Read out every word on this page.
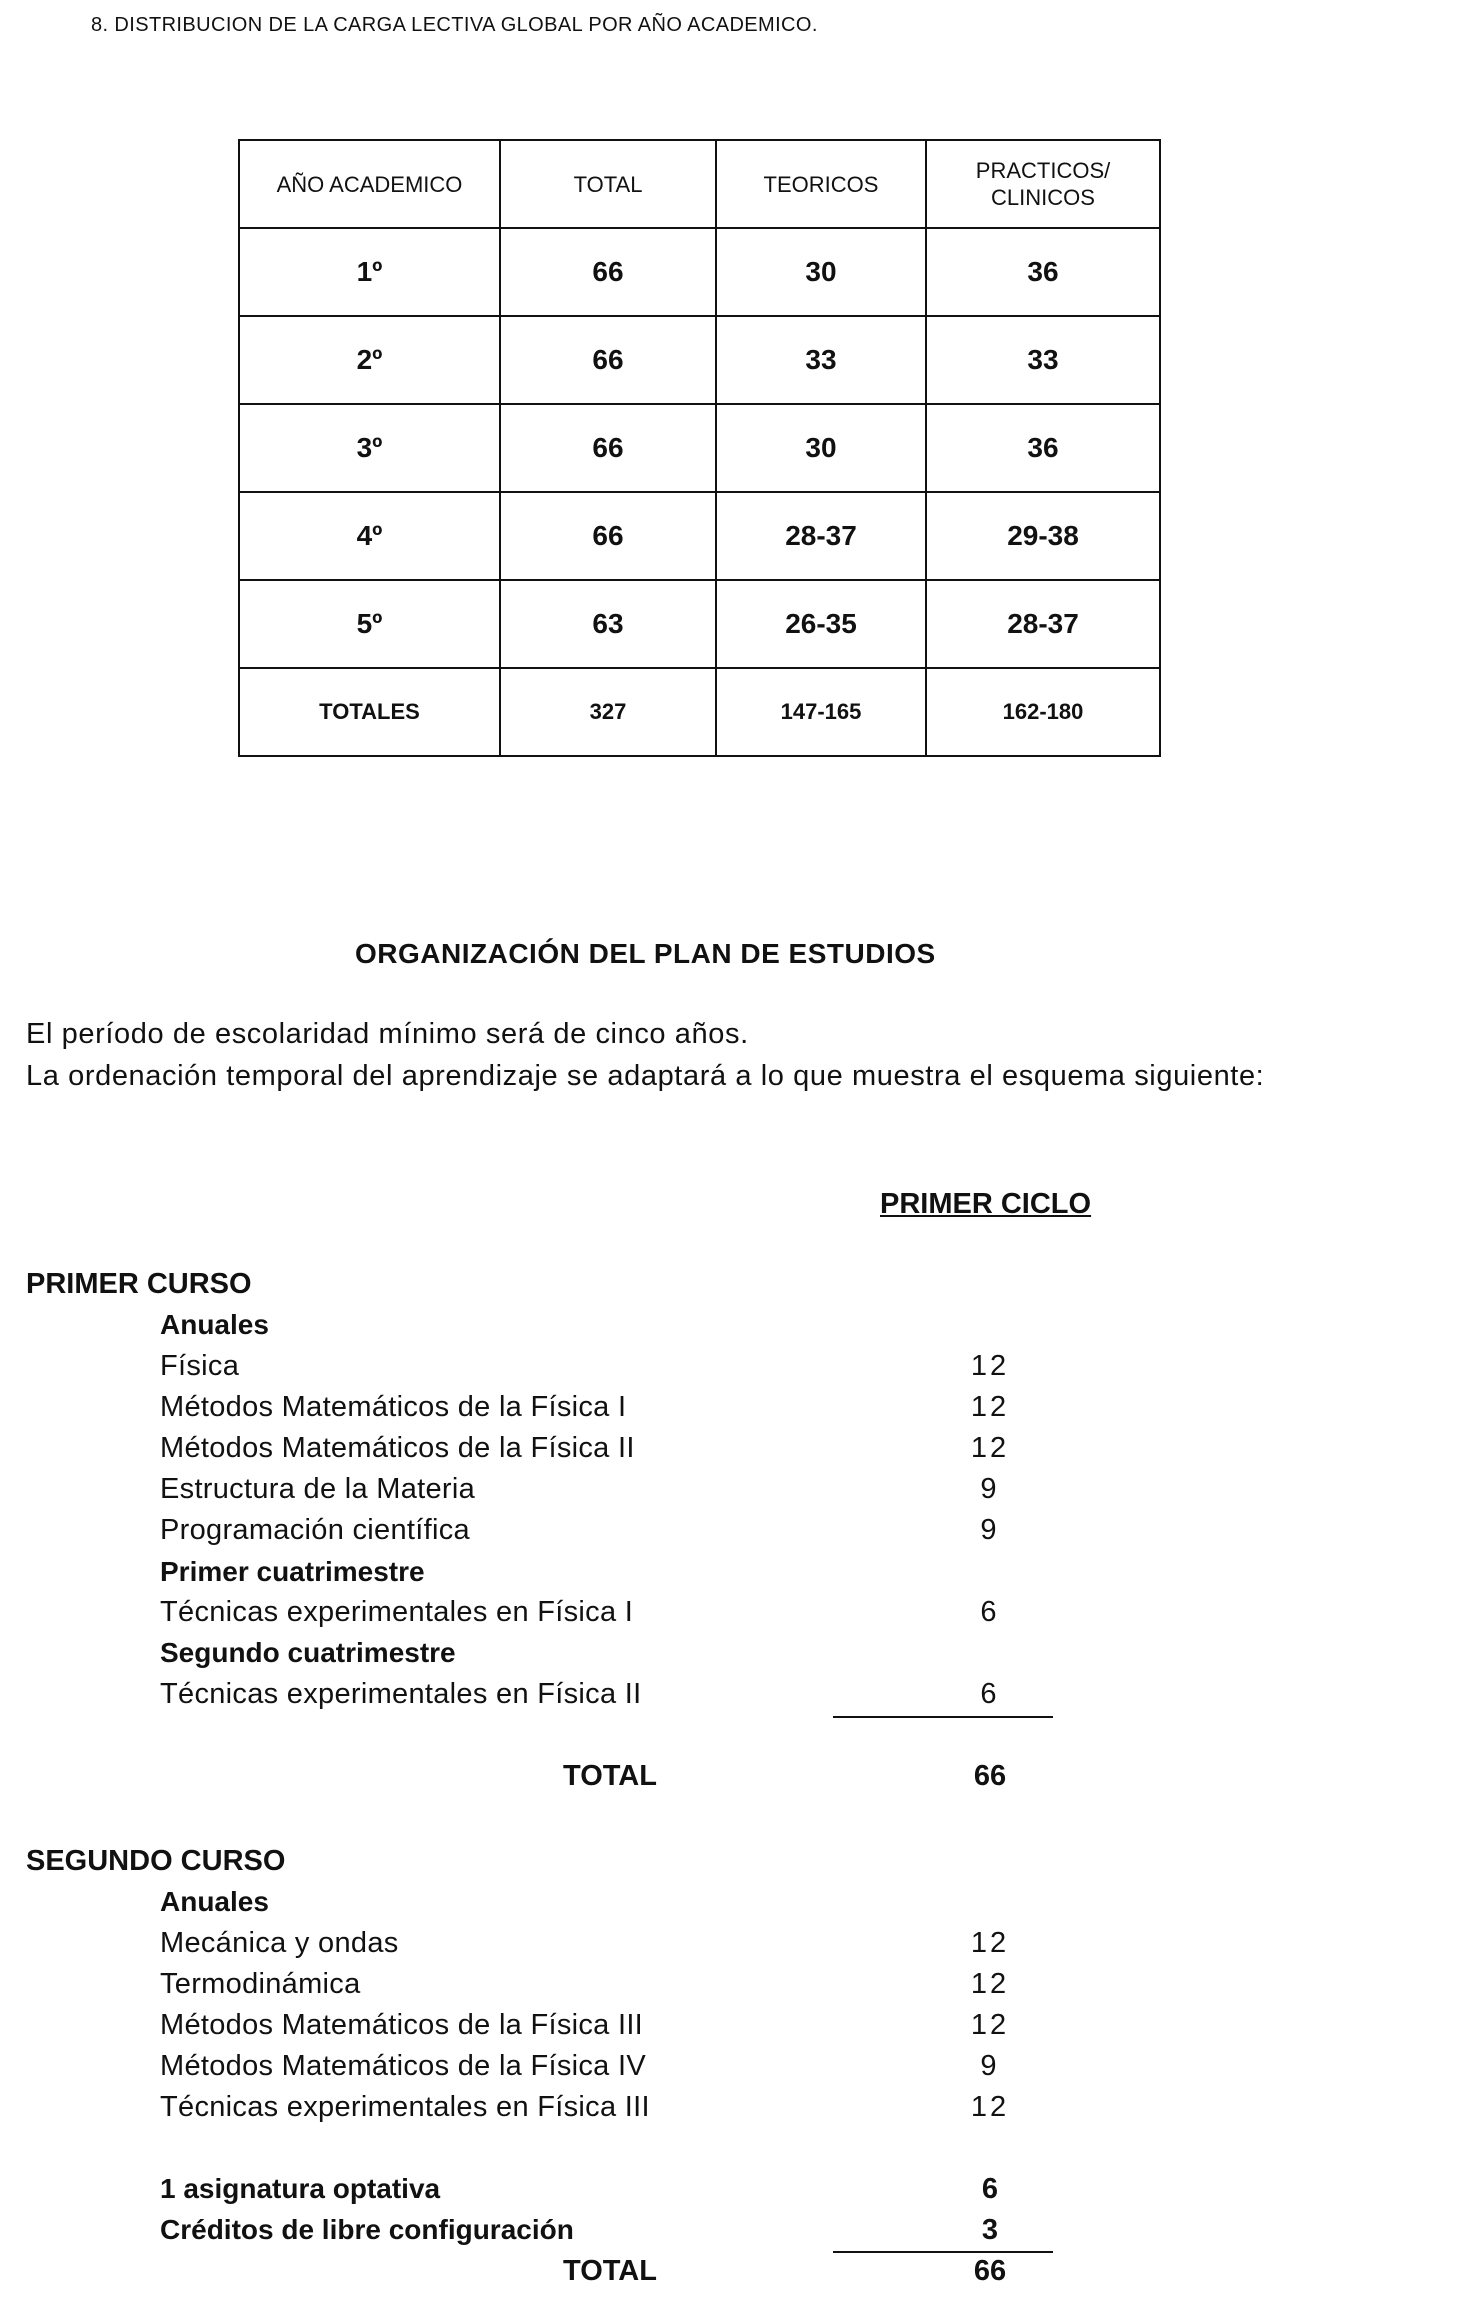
8. DISTRIBUCION DE LA CARGA LECTIVA GLOBAL POR AÑO ACADEMICO.
AÑO ACADEMICO	TOTAL	TEORICOS	PRACTICOS/
CLINICOS
1º	66	30	36
2º	66	33	33
3º	66	30	36
4º	66	28-37	29-38
5º	63	26-35	28-37
TOTALES	327	147-165	162-180
ORGANIZACIÓN DEL PLAN DE ESTUDIOS
El período de escolaridad mínimo será de cinco años.
La ordenación temporal del aprendizaje se adaptará a lo que muestra el esquema siguiente:
PRIMER CICLO
PRIMER CURSO
Anuales
Física	12
Métodos Matemáticos de la Física I	12
Métodos Matemáticos de la Física II	12
Estructura de la Materia	9
Programación científica	9
Primer cuatrimestre
Técnicas experimentales en Física I	6
Segundo cuatrimestre
Técnicas experimentales en Física II	6
TOTAL	66
SEGUNDO CURSO
Anuales
Mecánica y ondas	12
Termodinámica	12
Métodos Matemáticos de la Física III	12
Métodos Matemáticos de la Física IV	9
Técnicas experimentales en Física III	12
1 asignatura optativa	6
Créditos de libre configuración	3
TOTAL	66
